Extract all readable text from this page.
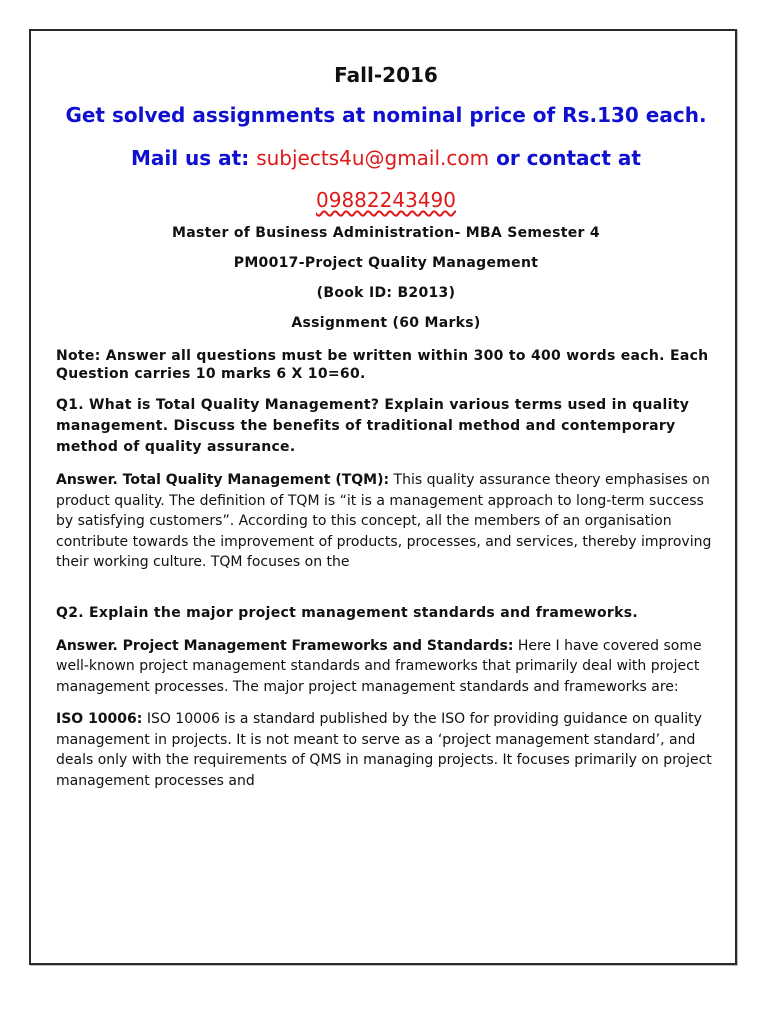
Fall-2016

Get solved assignments at nominal price of Rs.130 each.

Mail us at: subjects4u@gmail.com or contact at

09882243490

Master of Business Administration- MBA Semester 4

PM0017-Project Quality Management

(Book ID: B2013)

Assignment (60 Marks)

Note: Answer all questions must be written within 300 to 400 words each. Each Question carries 10 marks 6 X 10=60.

Q1. What is Total Quality Management? Explain various terms used in quality management. Discuss the benefits of traditional method and contemporary method of quality assurance.

Answer. Total Quality Management (TQM): This quality assurance theory emphasises on product quality. The definition of TQM is “it is a management approach to long-term success by satisfying customers”. According to this concept, all the members of an organisation contribute towards the improvement of products, processes, and services, thereby improving their working culture. TQM focuses on the

Q2. Explain the major project management standards and frameworks.

Answer. Project Management Frameworks and Standards: Here I have covered some well-known project management standards and frameworks that primarily deal with project management processes. The major project management standards and frameworks are:

ISO 10006: ISO 10006 is a standard published by the ISO for providing guidance on quality management in projects. It is not meant to serve as a ‘project management standard’, and deals only with the requirements of QMS in managing projects. It focuses primarily on project management processes and
